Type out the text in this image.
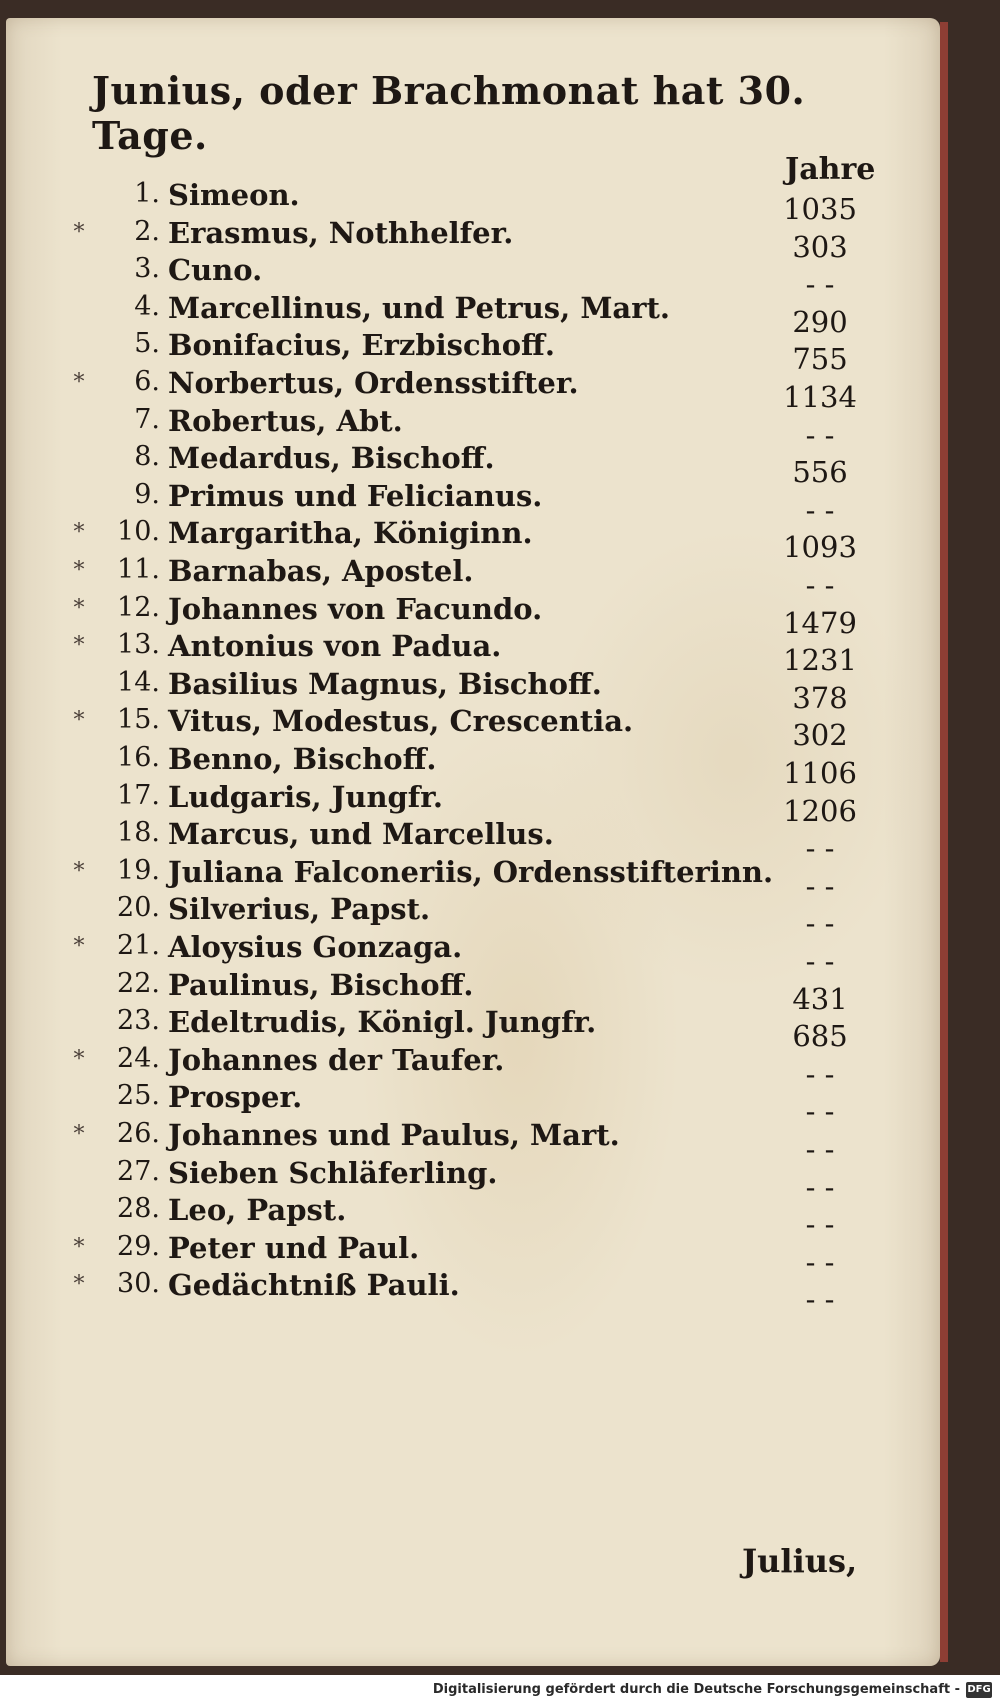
Junius, oder Brachmonat hat 30. Tage.
Jahre
1. Simeon.	1035
*	2. Erasmus, Nothhelfer.	303
3. Cuno.	- -
4. Marcellinus, und Petrus, Mart.	290
5. Bonifacius, Erzbischoff.	755
*	6. Norbertus, Ordensstifter.	1134
7. Robertus, Abt.	- -
8. Medardus, Bischoff.	556
9. Primus und Felicianus.	- -
*	10. Margaritha, Königinn.	1093
*	11. Barnabas, Apostel.	- -
*	12. Johannes von Facundo.	1479
*	13. Antonius von Padua.	1231
14. Basilius Magnus, Bischoff.	378
*	15. Vitus, Modestus, Crescentia.	302
16. Benno, Bischoff.	1106
17. Ludgaris, Jungfr.	1206
18. Marcus, und Marcellus.	- -
*	19. Juliana Falconeriis, Ordensstifterinn.	- -
20. Silverius, Papst.	- -
*	21. Aloysius Gonzaga.	- -
22. Paulinus, Bischoff.	431
23. Edeltrudis, Königl. Jungfr.	685
*	24. Johannes der Taufer.	- -
25. Prosper.	- -
*	26. Johannes und Paulus, Mart.	- -
27. Sieben Schläferling.	- -
28. Leo, Papst.	- -
*	29. Peter und Paul.	- -
*	30. Gedächtniß Pauli.	- -
Julius,
Digitalisierung gefördert durch die Deutsche Forschungsgemeinschaft - DFG
